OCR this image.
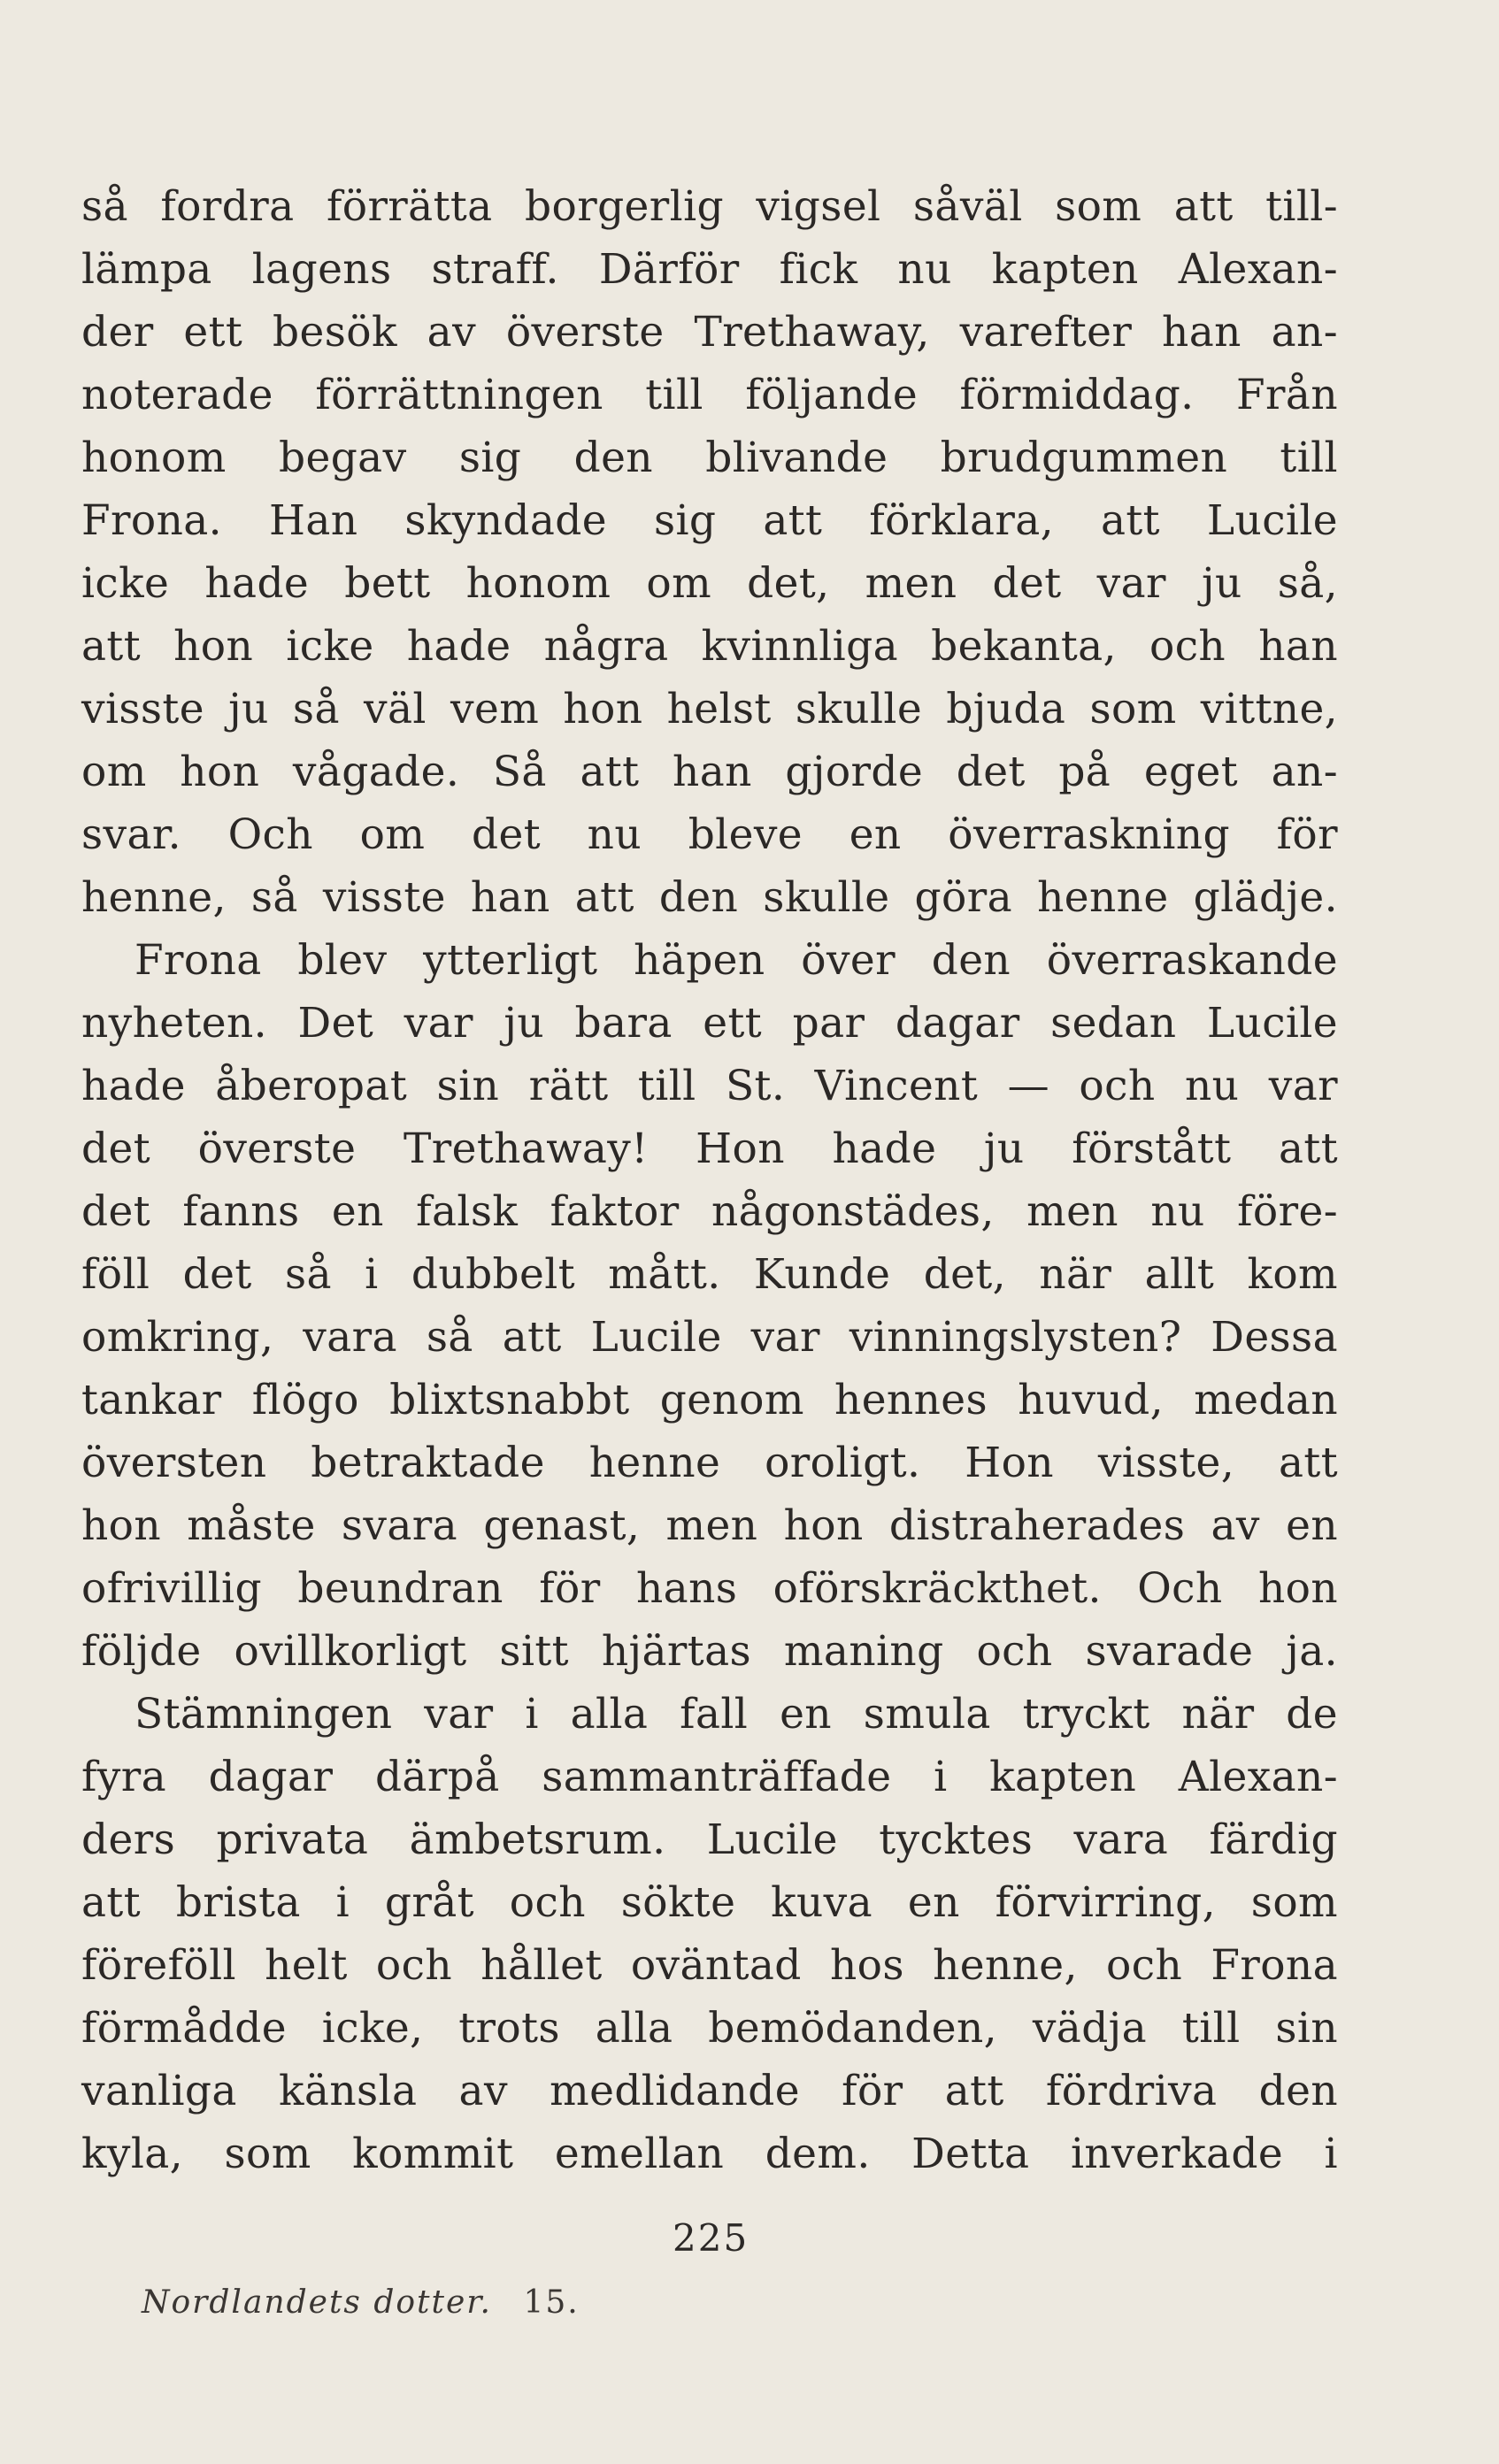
så fordra förrätta borgerlig vigsel såväl som att till-
lämpa lagens straff. Därför fick nu kapten Alexan-
der ett besök av överste Trethaway, varefter han an-
noterade förrättningen till följande förmiddag. Från
honom begav sig den blivande brudgummen till
Frona. Han skyndade sig att förklara, att Lucile
icke hade bett honom om det, men det var ju så,
att hon icke hade några kvinnliga bekanta, och han
visste ju så väl vem hon helst skulle bjuda som vittne,
om hon vågade. Så att han gjorde det på eget an-
svar. Och om det nu bleve en överraskning för
henne, så visste han att den skulle göra henne glädje.
Frona blev ytterligt häpen över den överraskande
nyheten. Det var ju bara ett par dagar sedan Lucile
hade åberopat sin rätt till St. Vincent — och nu var
det överste Trethaway! Hon hade ju förstått att
det fanns en falsk faktor någonstädes, men nu före-
föll det så i dubbelt mått. Kunde det, när allt kom
omkring, vara så att Lucile var vinningslysten? Dessa
tankar flögo blixtsnabbt genom hennes huvud, medan
översten betraktade henne oroligt. Hon visste, att
hon måste svara genast, men hon distraherades av en
ofrivillig beundran för hans oförskräckthet. Och hon
följde ovillkorligt sitt hjärtas maning och svarade ja.
Stämningen var i alla fall en smula tryckt när de
fyra dagar därpå sammanträffade i kapten Alexan-
ders privata ämbetsrum. Lucile tycktes vara färdig
att brista i gråt och sökte kuva en förvirring, som
föreföll helt och hållet oväntad hos henne, och Frona
förmådde icke, trots alla bemödanden, vädja till sin
vanliga känsla av medlidande för att fördriva den
kyla, som kommit emellan dem. Detta inverkade i
225
Nordlandets dotter. 15.
